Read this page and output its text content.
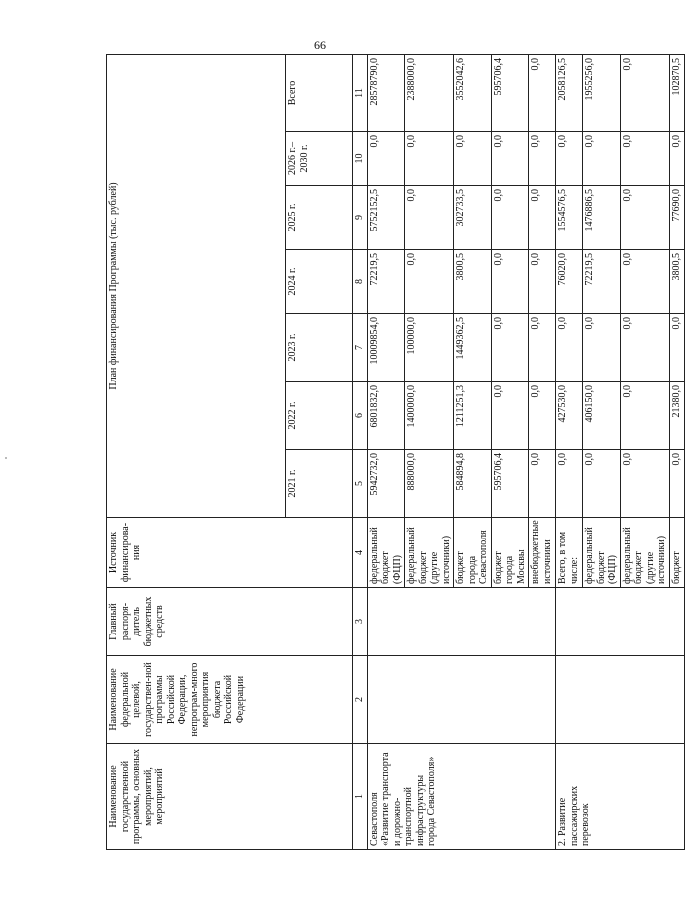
66
Наименование государственной программы, основных мероприятий, мероприятий	Наименование федеральной целевой, государствен-ной программы Российской Федерации, непрограм-много мероприятия бюджета Российской Федерации	Главный распоря-дитель бюджетных средств	Источник финансирова-ния	План финансирования Программы (тыс. рублей)						
				2021 г.	2022 г.	2023 г.	2024 г.	2025 г.	2026 г.– 2030 г.	Всего
1	2	3	4	5	6	7	8	9	10	11
Севастополя «Развитие транспорта и дорожно-транспортной инфраструктуры города Севастополя»			федеральный бюджет (ФЦП)	5942732,0	6801832,0	10009854,0	72219,5	5752152,5	0,0	28578790,0
			федеральный бюджет (другие источники)	888000,0	1400000,0	100000,0	0,0	0,0	0,0	2388000,0
			бюджет города Севастополя	584894,8	1211251,3	1449362,5	3800,5	302733,5	0,0	3552042,6
			бюджет города Москвы	595706,4	0,0	0,0	0,0	0,0	0,0	595706,4
			внебюджетные источники	0,0	0,0	0,0	0,0	0,0	0,0	0,0
2. Развитие пассажирских перевозок			Всего, в том числе:	0,0	427530,0	0,0	76020,0	1554576,5	0,0	2058126,5
			федеральный бюджет (ФЦП)	0,0	406150,0	0,0	72219,5	1476886,5	0,0	1955256,0
			федеральный бюджет (другие источники)	0,0	0,0	0,0	0,0	0,0	0,0	0,0
			бюджет	0,0	21380,0	0,0	3800,5	77690,0	0,0	102870,5
